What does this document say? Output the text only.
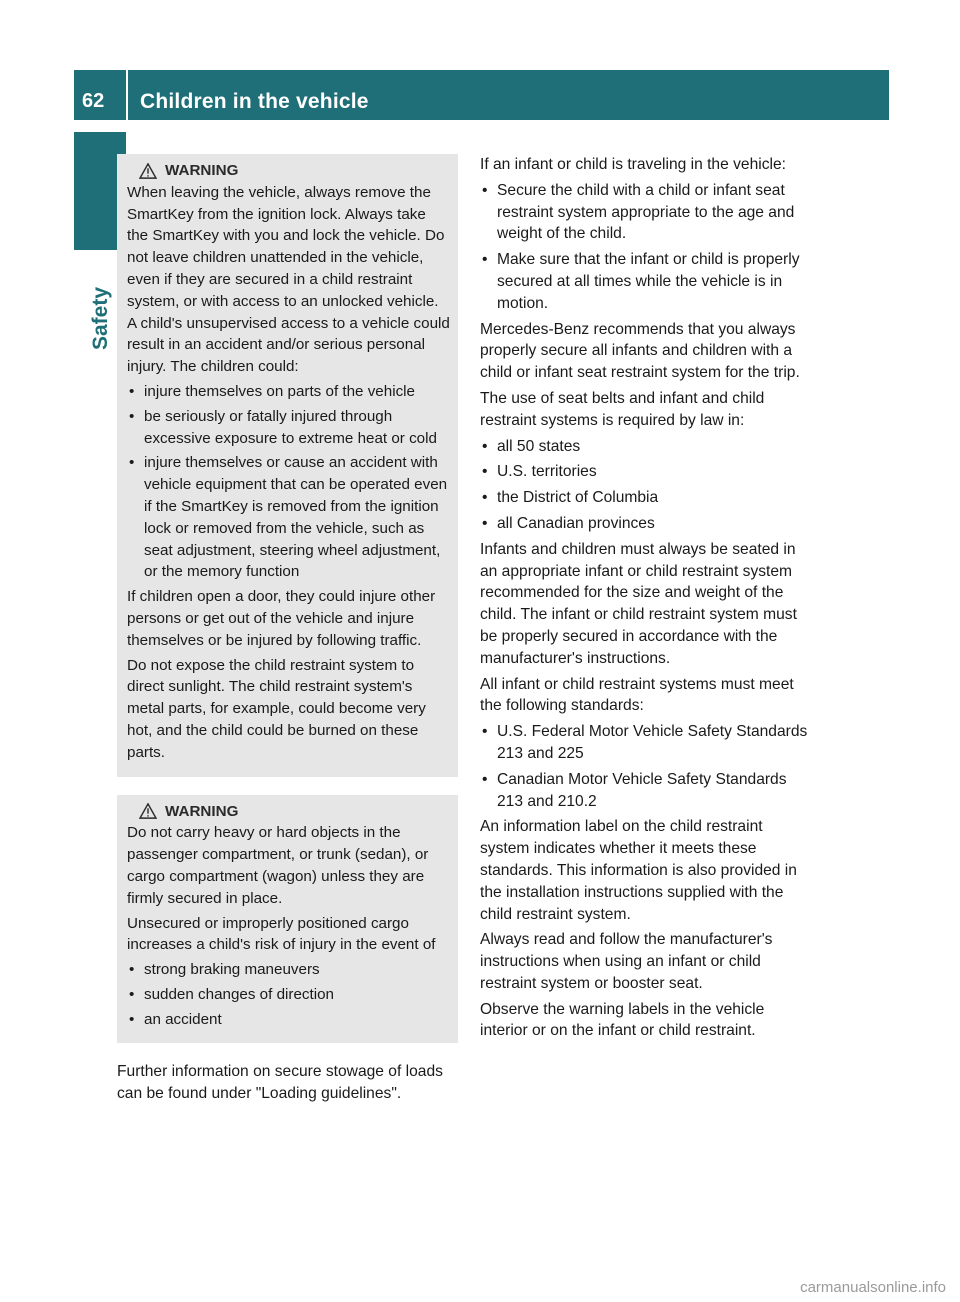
62	Children in the vehicle
Safety
WARNING

When leaving the vehicle, always remove the SmartKey from the ignition lock. Always take the SmartKey with you and lock the vehicle. Do not leave children unattended in the vehicle, even if they are secured in a child restraint system, or with access to an unlocked vehicle. A child's unsupervised access to a vehicle could result in an accident and/or serious personal injury. The children could:

• injure themselves on parts of the vehicle
• be seriously or fatally injured through excessive exposure to extreme heat or cold
• injure themselves or cause an accident with vehicle equipment that can be operated even if the SmartKey is removed from the ignition lock or removed from the vehicle, such as seat adjustment, steering wheel adjustment, or the memory function

If children open a door, they could injure other persons or get out of the vehicle and injure themselves or be injured by following traffic.

Do not expose the child restraint system to direct sunlight. The child restraint system's metal parts, for example, could become very hot, and the child could be burned on these parts.

WARNING

Do not carry heavy or hard objects in the passenger compartment, or trunk (sedan), or cargo compartment (wagon) unless they are firmly secured in place.

Unsecured or improperly positioned cargo increases a child's risk of injury in the event of

• strong braking maneuvers
• sudden changes of direction
• an accident
Further information on secure stowage of loads can be found under "Loading guidelines".

If an infant or child is traveling in the vehicle:

• Secure the child with a child or infant seat restraint system appropriate to the age and weight of the child.
• Make sure that the infant or child is properly secured at all times while the vehicle is in motion.

Mercedes-Benz recommends that you always properly secure all infants and children with a child or infant seat restraint system for the trip.

The use of seat belts and infant and child restraint systems is required by law in:

• all 50 states
• U.S. territories
• the District of Columbia
• all Canadian provinces

Infants and children must always be seated in an appropriate infant or child restraint system recommended for the size and weight of the child. The infant or child restraint system must be properly secured in accordance with the manufacturer's instructions.

All infant or child restraint systems must meet the following standards:

• U.S. Federal Motor Vehicle Safety Standards 213 and 225
• Canadian Motor Vehicle Safety Standards 213 and 210.2

An information label on the child restraint system indicates whether it meets these standards. This information is also provided in the installation instructions supplied with the child restraint system.

Always read and follow the manufacturer's instructions when using an infant or child restraint system or booster seat.

Observe the warning labels in the vehicle interior or on the infant or child restraint.

carmanualsonline.info
